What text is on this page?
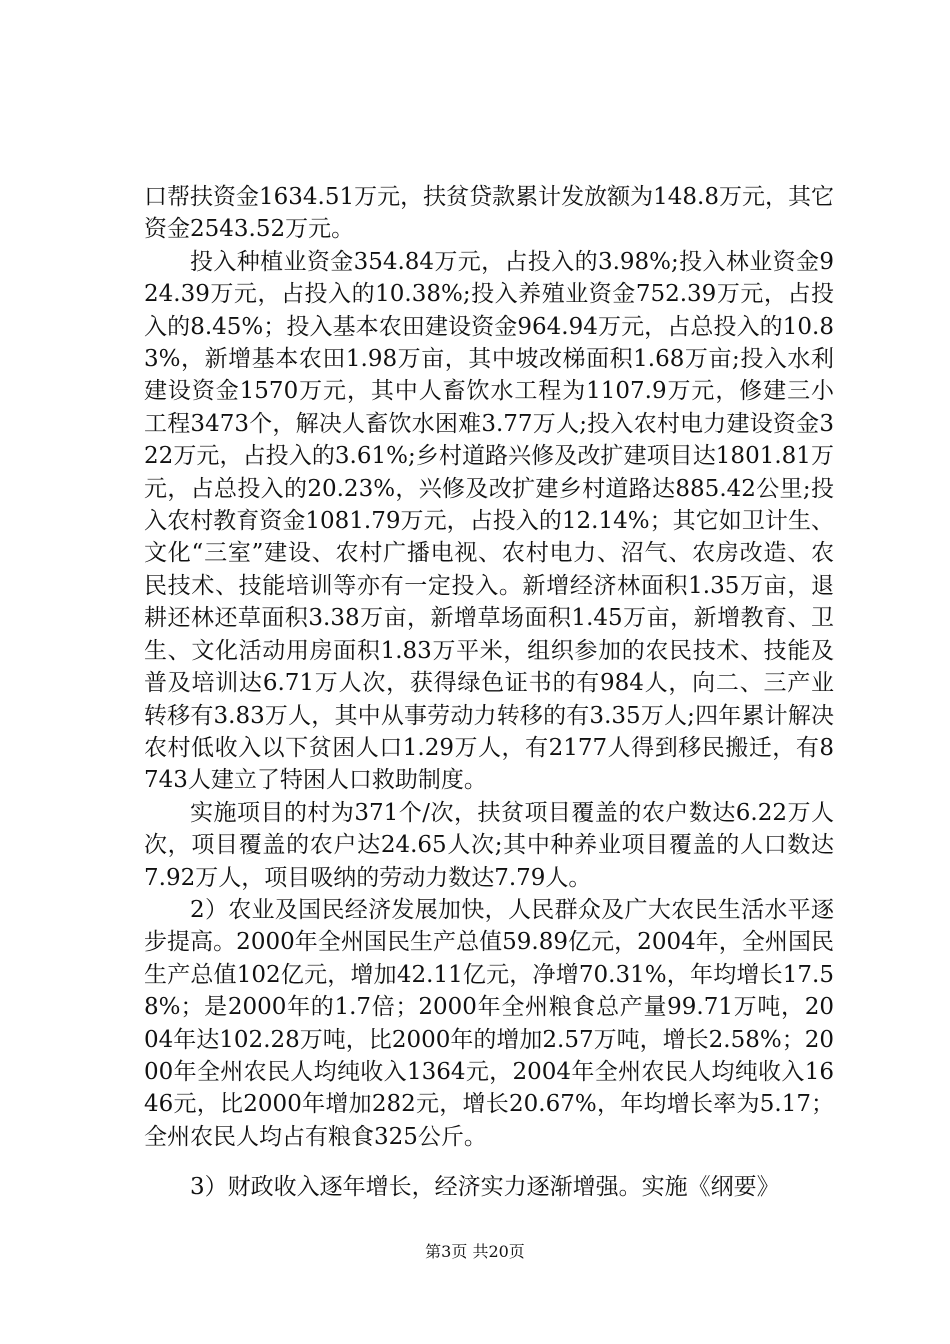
口帮扶资金1634.51万元，扶贫贷款累计发放额为148.8万元，其它资金2543.52万元。

投入种植业资金354.84万元，占投入的3.98%;投入林业资金924.39万元，占投入的10.38%;投入养殖业资金752.39万元，占投入的8.45%；投入基本农田建设资金964.94万元，占总投入的10.83%，新增基本农田1.98万亩，其中坡改梯面积1.68万亩;投入水利建设资金1570万元，其中人畜饮水工程为1107.9万元，修建三小工程3473个，解决人畜饮水困难3.77万人;投入农村电力建设资金322万元，占投入的3.61%;乡村道路兴修及改扩建项目达1801.81万元，占总投入的20.23%，兴修及改扩建乡村道路达885.42公里;投入农村教育资金1081.79万元，占投入的12.14%；其它如卫计生、文化“三室”建设、农村广播电视、农村电力、沼气、农房改造、农民技术、技能培训等亦有一定投入。新增经济林面积1.35万亩，退耕还林还草面积3.38万亩，新增草场面积1.45万亩，新增教育、卫生、文化活动用房面积1.83万平米，组织参加的农民技术、技能及普及培训达6.71万人次，获得绿色证书的有984人，向二、三产业转移有3.83万人，其中从事劳动力转移的有3.35万人;四年累计解决农村低收入以下贫困人口1.29万人，有2177人得到移民搬迁，有8743人建立了特困人口救助制度。

实施项目的村为371个/次，扶贫项目覆盖的农户数达6.22万人次，项目覆盖的农户达24.65人次;其中种养业项目覆盖的人口数达7.92万人，项目吸纳的劳动力数达7.79人。

2）农业及国民经济发展加快，人民群众及广大农民生活水平逐步提高。2000年全州国民生产总值59.89亿元，2004年，全州国民生产总值102亿元，增加42.11亿元，净增70.31%，年均增长17.58%；是2000年的1.7倍；2000年全州粮食总产量99.71万吨，2004年达102.28万吨，比2000年的增加2.57万吨，增长2.58%；2000年全州农民人均纯收入1364元，2004年全州农民人均纯收入1646元，比2000年增加282元，增长20.67%，年均增长率为5.17；全州农民人均占有粮食325公斤。

3）财政收入逐年增长，经济实力逐渐增强。实施《纲要》

第3页 共20页
